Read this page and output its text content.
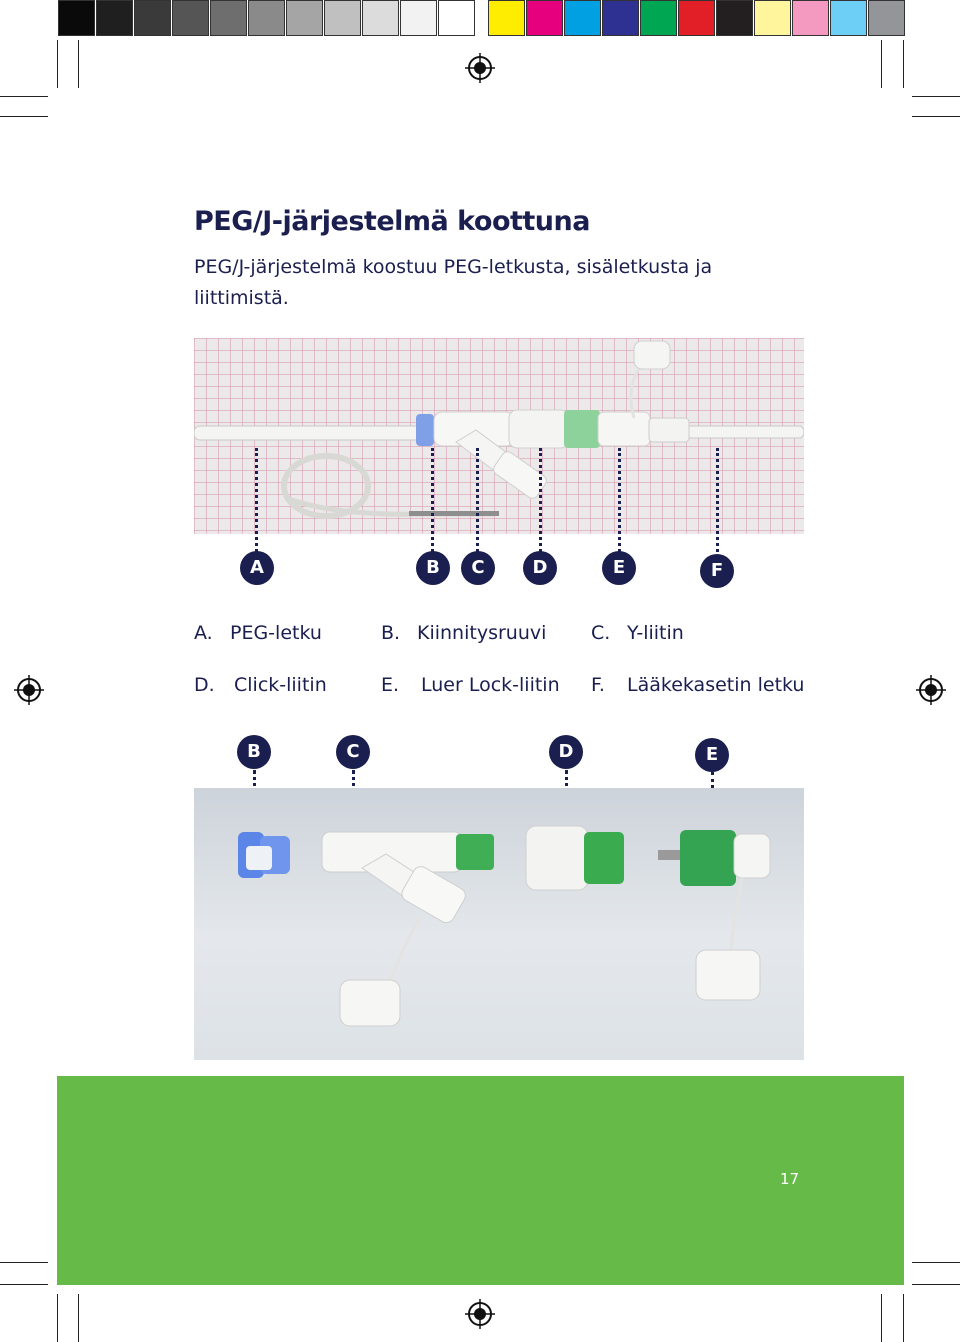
PEG/J-järjestelmä koottuna
PEG/J-järjestelmä koostuu PEG-letkusta, sisäletkusta ja liittimistä.
A	B	C	D	E	F
A. PEG-letku	B. Kiinnitysruuvi C. Y-liitin
D. Click-liitin	E. Luer Lock-liitin F. Lääkekasetin letku
B	C	D	E
17
